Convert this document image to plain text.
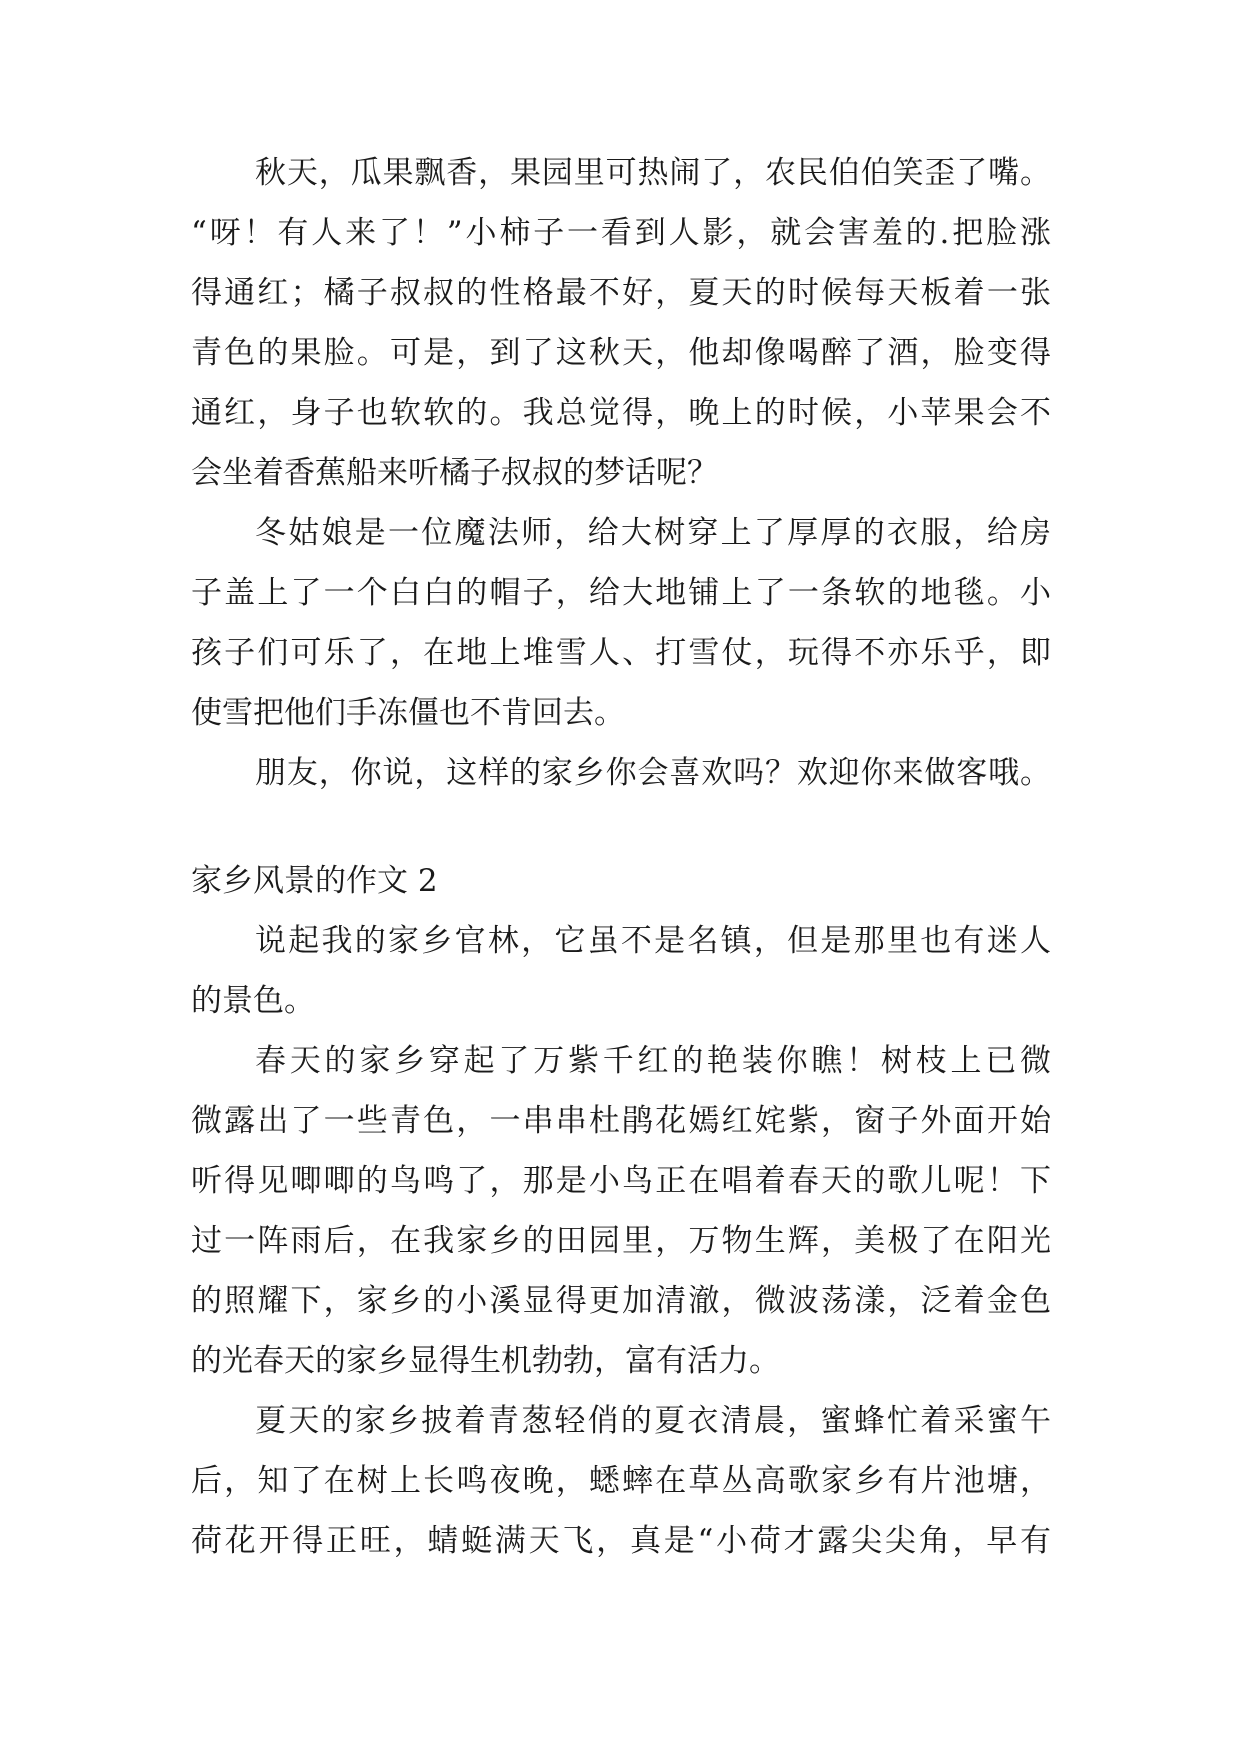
秋天，瓜果飘香，果园里可热闹了，农民伯伯笑歪了嘴。
“呀！有人来了！”小柿子一看到人影，就会害羞的.把脸涨
得通红；橘子叔叔的性格最不好，夏天的时候每天板着一张
青色的果脸。可是，到了这秋天，他却像喝醉了酒，脸变得
通红，身子也软软的。我总觉得，晚上的时候，小苹果会不
会坐着香蕉船来听橘子叔叔的梦话呢？
冬姑娘是一位魔法师，给大树穿上了厚厚的衣服，给房
子盖上了一个白白的帽子，给大地铺上了一条软的地毯。小
孩子们可乐了，在地上堆雪人、打雪仗，玩得不亦乐乎，即
使雪把他们手冻僵也不肯回去。
朋友，你说，这样的家乡你会喜欢吗？欢迎你来做客哦。
家乡风景的作文 2
说起我的家乡官林，它虽不是名镇，但是那里也有迷人
的景色。
春天的家乡穿起了万紫千红的艳装你瞧！树枝上已微
微露出了一些青色，一串串杜鹃花嫣红姹紫，窗子外面开始
听得见唧唧的鸟鸣了，那是小鸟正在唱着春天的歌儿呢！下
过一阵雨后，在我家乡的田园里，万物生辉，美极了在阳光
的照耀下，家乡的小溪显得更加清澈，微波荡漾，泛着金色
的光春天的家乡显得生机勃勃，富有活力。
夏天的家乡披着青葱轻俏的夏衣清晨，蜜蜂忙着采蜜午
后，知了在树上长鸣夜晚，蟋蟀在草丛高歌家乡有片池塘，
荷花开得正旺，蜻蜓满天飞，真是“小荷才露尖尖角，早有
